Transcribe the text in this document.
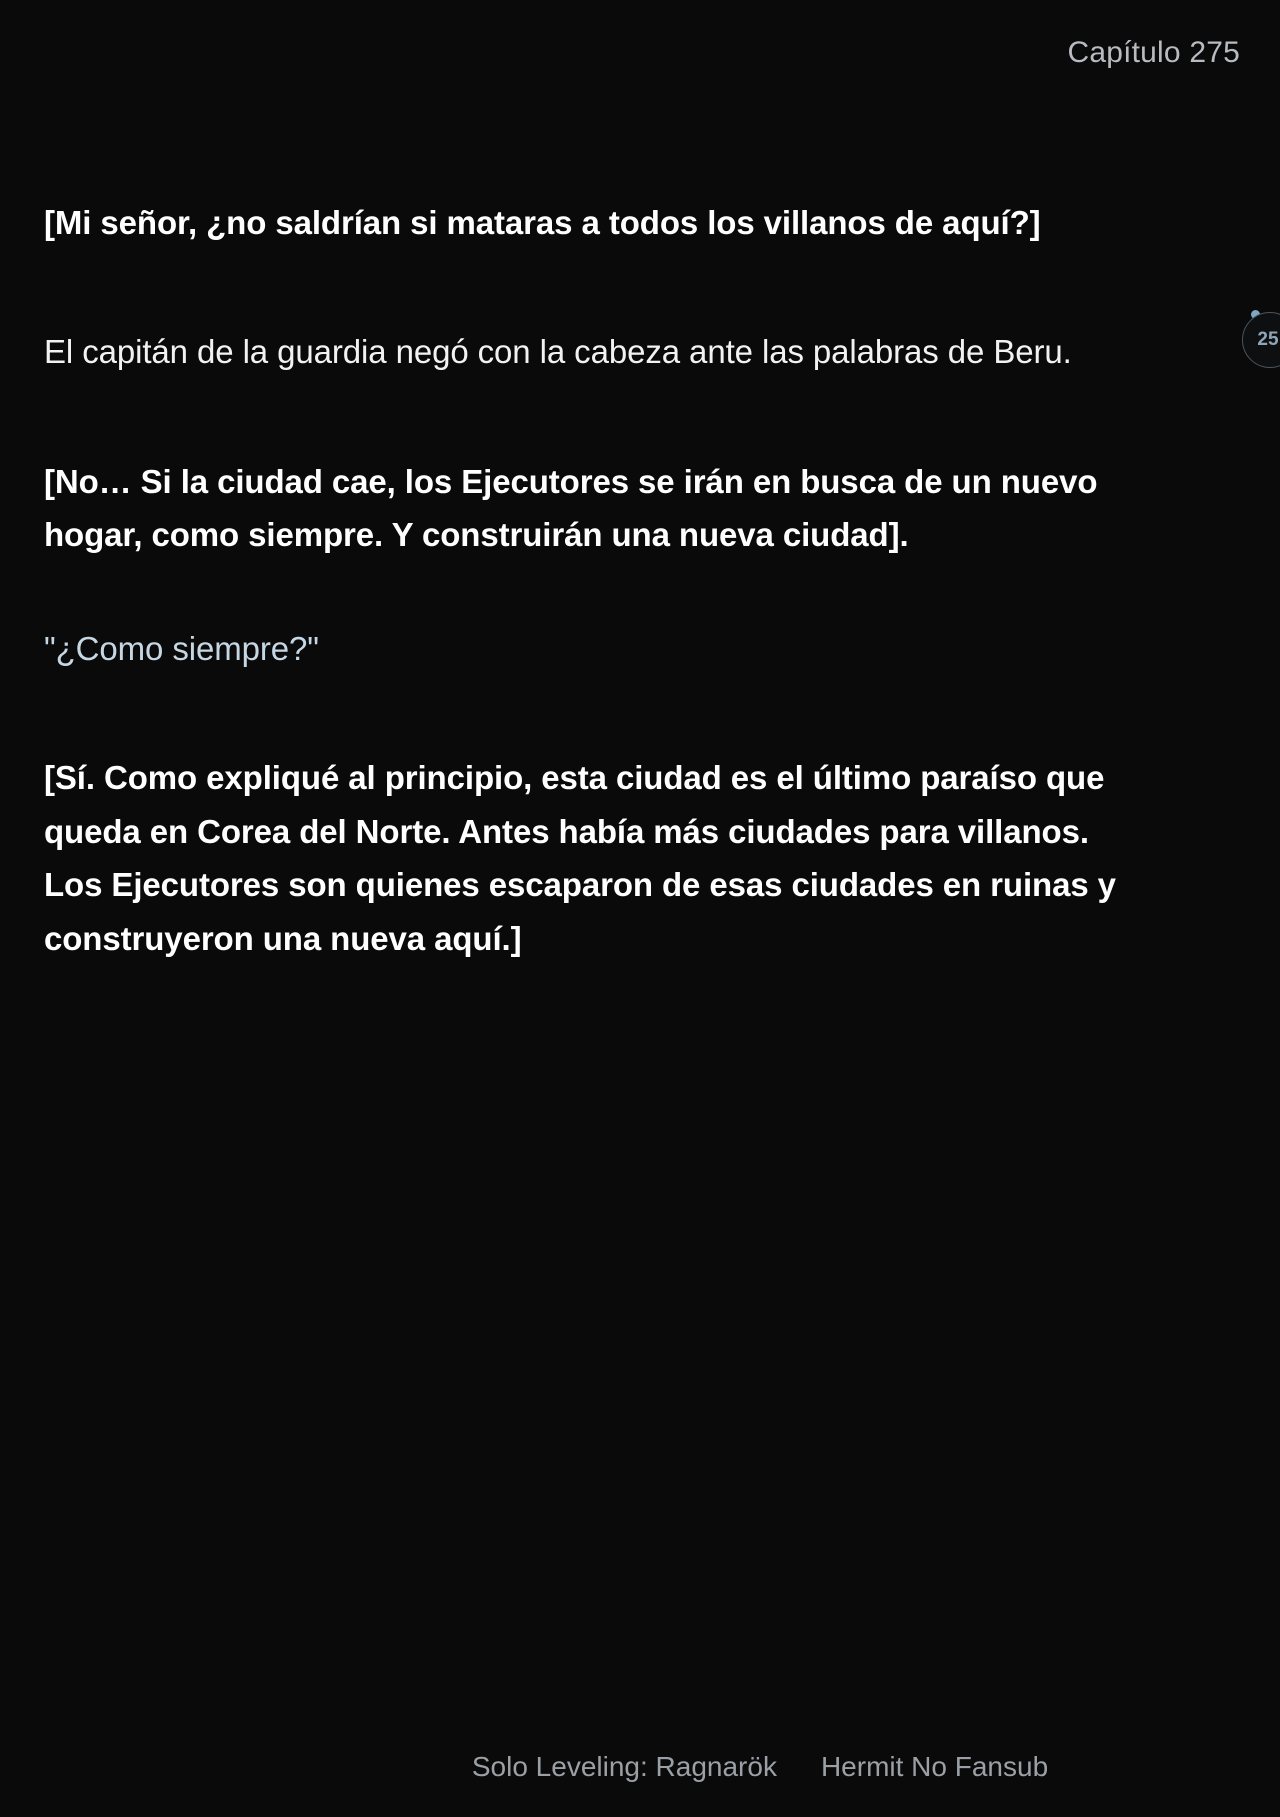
Capítulo 275
25

[Mi señor, ¿no saldrían si mataras a todos los villanos de aquí?]

El capitán de la guardia negó con la cabeza ante las palabras de Beru.

[No… Si la ciudad cae, los Ejecutores se irán en busca de un nuevo hogar, como siempre. Y construirán una nueva ciudad].

"¿Como siempre?"

[Sí. Como expliqué al principio, esta ciudad es el último paraíso que queda en Corea del Norte. Antes había más ciudades para villanos. Los Ejecutores son quienes escaparon de esas ciudades en ruinas y construyeron una nueva aquí.]

Solo Leveling: Ragnarök Hermit No Fansub
